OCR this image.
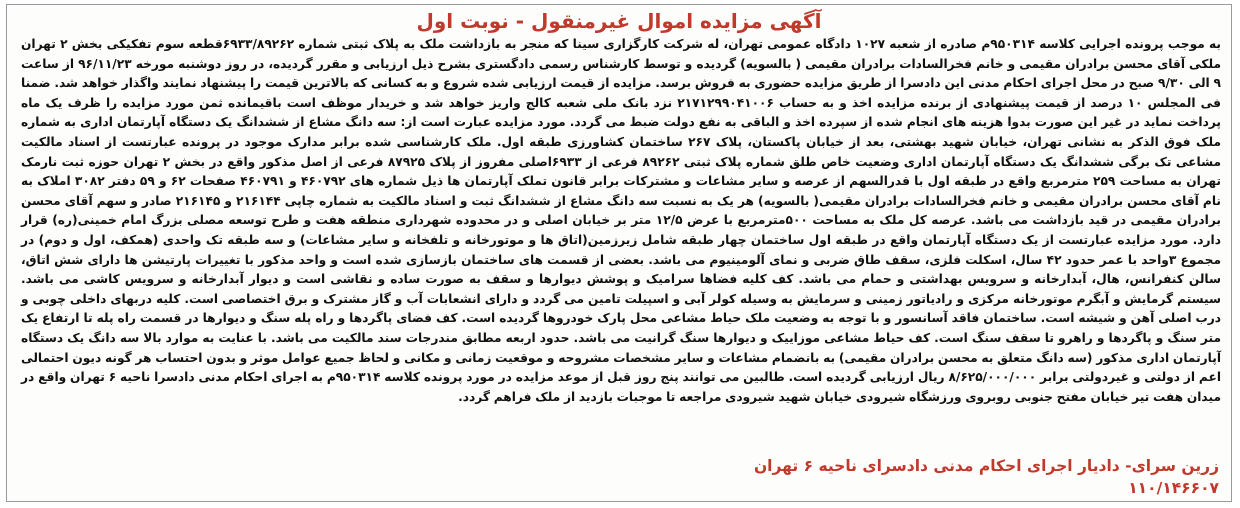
آگهی مزایده اموال غیرمنقول - نوبت اول

به موجب پرونده اجرایی کلاسه ۹۵۰۳۱۴م صادره از شعبه ۱۰۲۷ دادگاه عمومی تهران، له شرکت کارگزاری سینا که منجر به بازداشت ملک به پلاک ثبتی شماره ۶۹۳۳/۸۹۲۶۲قطعه سوم تفکیکی بخش ۲ تهران ملکی آقای محسن برادران مقیمی و خانم فخرالسادات برادران مقیمی ( بالسویه) گردیده و توسط کارشناس رسمی دادگستری بشرح ذیل ارزیابی و مقرر گردیده، در روز دوشنبه مورخه ۹۶/۱۱/۲۳ از ساعت ۹ الی ۹/۳۰ صبح در محل اجرای احکام مدنی این دادسرا از طریق مزایده حضوری به فروش برسد. مزایده از قیمت ارزیابی شده شروع و به کسانی که بالاترین قیمت را پیشنهاد نمایند واگذار خواهد شد. ضمنا فی المجلس ۱۰ درصد از قیمت پیشنهادی از برنده مزایده اخذ و به حساب ۲۱۷۱۲۹۹۰۴۱۰۰۶ نزد بانک ملی شعبه کالج واریز خواهد شد و خریدار موظف است باقیمانده ثمن مورد مزایده را ظرف یک ماه پرداخت نماید در غیر این صورت بدوا هزینه های انجام شده از سپرده اخذ و الباقی به نفع دولت ضبط می گردد. مورد مزایده عبارت است از: سه دانگ مشاع از ششدانگ یک دستگاه آپارتمان اداری به شماره ملک فوق الذکر به نشانی تهران، خیابان شهید بهشتی، بعد از خیابان پاکستان، پلاک ۲۶۷ ساختمان کشاورزی طبقه اول. ملک کارشناسی شده برابر مدارک موجود در پرونده عبارتست از اسناد مالکیت مشاعی تک برگی ششدانگ یک دستگاه آپارتمان اداری وضعیت خاص طلق شماره پلاک ثبتی ۸۹۲۶۲ فرعی از ۶۹۳۳اصلی مفروز از پلاک ۸۷۹۲۵ فرعی از اصل مذکور واقع در بخش ۲ تهران حوزه ثبت نارمک تهران به مساحت ۲۵۹ مترمربع واقع در طبقه اول با قدرالسهم از عرصه و سایر مشاعات و مشترکات برابر قانون تملک آپارتمان ها ذیل شماره های ۴۶۰۷۹۲ و ۴۶۰۷۹۱ صفحات ۶۲ و ۵۹ دفتر ۳۰۸۲ املاک به نام آقای محسن برادران مقیمی و خانم فخرالسادات برادران مقیمی( بالسویه) هر یک به نسبت سه دانگ مشاع از ششدانگ ثبت و اسناد مالکیت به شماره چاپی ۲۱۶۱۴۴ و ۲۱۶۱۴۵ صادر و سهم آقای محسن برادران مقیمی در قید بازداشت می باشد. عرصه کل ملک به مساحت ۵۰۰مترمربع با عرض ۱۲/۵ متر بر خیابان اصلی و در محدوده شهرداری منطقه هفت و طرح توسعه مصلی بزرگ امام خمینی(ره) قرار دارد. مورد مزایده عبارتست از یک دستگاه آپارتمان واقع در طبقه اول ساختمان چهار طبقه شامل زیرزمین(اتاق ها و موتورخانه و تلفخانه و سایر مشاعات) و سه طبقه تک واحدی (همکف، اول و دوم) در مجموع ۳واحد با عمر حدود ۴۲ سال، اسکلت فلزی، سقف طاق ضربی و نمای آلومینیوم می باشد. بعضی از قسمت های ساختمان بازسازی شده است و واحد مذکور با تغییرات پارتیشن ها دارای شش اتاق، سالن کنفرانس، هال، آبدارخانه و سرویس بهداشتی و حمام می باشد. کف کلیه فضاها سرامیک و پوشش دیوارها و سقف به صورت ساده و نقاشی است و دیوار آبدارخانه و سرویس کاشی می باشد. سیستم گرمایش و آبگرم موتورخانه مرکزی و رادیاتور زمینی و سرمایش به وسیله کولر آبی و اسپیلت تامین می گردد و دارای انشعابات آب و گاز مشترک و برق اختصاصی است. کلیه دربهای داخلی چوبی و درب اصلی آهن و شیشه است. ساختمان فاقد آسانسور و با توجه به وضعیت ملک حیاط مشاعی محل پارک خودروها گردیده است. کف فضای پاگردها و راه پله سنگ و دیوارها در قسمت راه پله تا ارتفاع یک متر سنگ و پاگردها و راهرو تا سقف سنگ است. کف حیاط مشاعی موزاییک و دیوارها سنگ گرانیت می باشد. حدود اربعه مطابق مندرجات سند مالکیت می باشد. با عنایت به موارد بالا سه دانگ یک دستگاه آپارتمان اداری مذکور (سه دانگ متعلق به محسن برادران مقیمی) به بانضمام مشاعات و سایر مشخصات مشروحه و موقعیت زمانی و مکانی و لحاظ جمیع عوامل موثر و بدون احتساب هر گونه دیون احتمالی اعم از دولتی و غیردولتی برابر ۸/۶۲۵/۰۰۰/۰۰۰ ریال ارزیابی گردیده است. طالبین می توانند پنج روز قبل از موعد مزایده در مورد پرونده کلاسه ۹۵۰۳۱۴م به اجرای احکام مدنی دادسرا ناحیه ۶ تهران واقع در میدان هفت تیر خیابان مفتح جنوبی روبروی ورزشگاه شیرودی خیابان شهید شیرودی مراجعه تا موجبات بازدید از ملک فراهم گردد.

زرین سرای- دادیار اجرای احکام مدنی دادسرای ناحیه ۶ تهران
۱۱۰/۱۴۶۶۰۷
